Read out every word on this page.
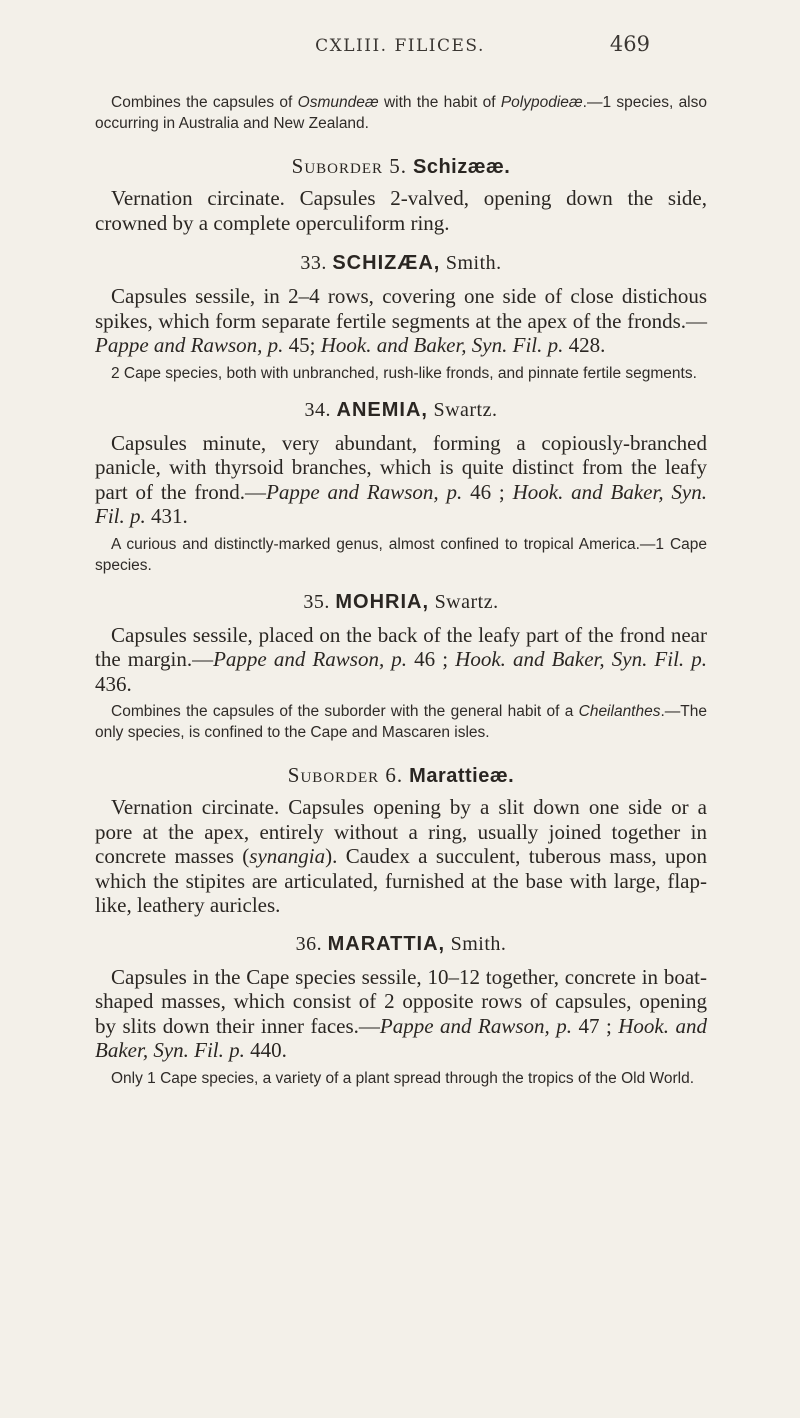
CXLIII. FILICES.	469

Combines the capsules of Osmundeæ with the habit of Polypodieæ.—1 species, also occurring in Australia and New Zealand.

Suborder 5. Schizææ.

Vernation circinate. Capsules 2-valved, opening down the side, crowned by a complete operculiform ring.

33. SCHIZÆA, Smith.

Capsules sessile, in 2–4 rows, covering one side of close distichous spikes, which form separate fertile segments at the apex of the fronds.—Pappe and Rawson, p. 45; Hook. and Baker, Syn. Fil. p. 428.

2 Cape species, both with unbranched, rush-like fronds, and pinnate fertile segments.

34. ANEMIA, Swartz.

Capsules minute, very abundant, forming a copiously-branched panicle, with thyrsoid branches, which is quite distinct from the leafy part of the frond.—Pappe and Rawson, p. 46 ; Hook. and Baker, Syn. Fil. p. 431.

A curious and distinctly-marked genus, almost confined to tropical America.—1 Cape species.

35. MOHRIA, Swartz.

Capsules sessile, placed on the back of the leafy part of the frond near the margin.—Pappe and Rawson, p. 46 ; Hook. and Baker, Syn. Fil. p. 436.

Combines the capsules of the suborder with the general habit of a Cheilanthes.—The only species, is confined to the Cape and Mascaren isles.

Suborder 6. Marattieæ.

Vernation circinate. Capsules opening by a slit down one side or a pore at the apex, entirely without a ring, usually joined together in concrete masses (synangia). Caudex a succulent, tuberous mass, upon which the stipites are articulated, furnished at the base with large, flap-like, leathery auricles.

36. MARATTIA, Smith.

Capsules in the Cape species sessile, 10–12 together, concrete in boat-shaped masses, which consist of 2 opposite rows of capsules, opening by slits down their inner faces.—Pappe and Rawson, p. 47 ; Hook. and Baker, Syn. Fil. p. 440.

Only 1 Cape species, a variety of a plant spread through the tropics of the Old World.
